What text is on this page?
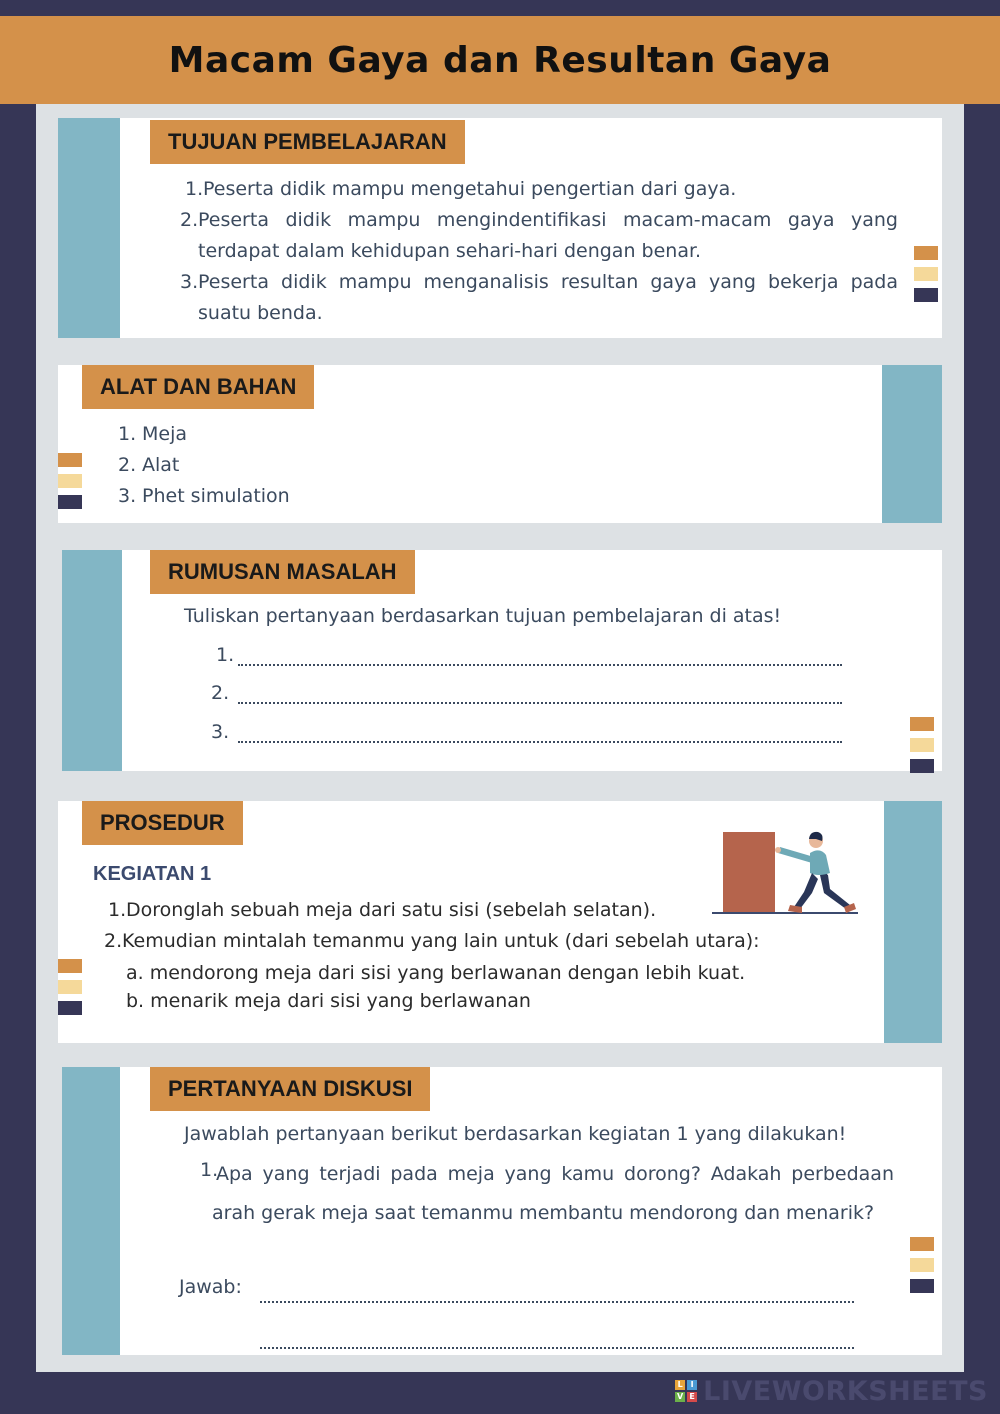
Macam Gaya dan Resultan Gaya
TUJUAN PEMBELAJARAN
1. Peserta didik mampu mengetahui pengertian dari gaya.
2. Peserta didik mampu mengindentifikasi macam-macam gaya yang terdapat dalam kehidupan sehari-hari dengan benar.
3. Peserta didik mampu menganalisis resultan gaya yang bekerja pada suatu benda.
ALAT DAN BAHAN
1. Meja
2. Alat
3. Phet simulation
RUMUSAN MASALAH
Tuliskan pertanyaan berdasarkan tujuan pembelajaran di atas!
1.
2.
3.
PROSEDUR
KEGIATAN 1
1. Doronglah sebuah meja dari satu sisi (sebelah selatan).
2. Kemudian mintalah temanmu yang lain untuk (dari sebelah utara):
a. mendorong meja dari sisi yang berlawanan dengan lebih kuat.
b. menarik meja dari sisi yang berlawanan
PERTANYAAN DISKUSI
Jawablah pertanyaan berikut berdasarkan kegiatan 1 yang dilakukan!
1.
Apa yang terjadi pada meja yang kamu dorong? Adakah perbedaan arah gerak meja saat temanmu membantu mendorong dan menarik?
Jawab:
L I
V E LIVEWORKSHEETS
